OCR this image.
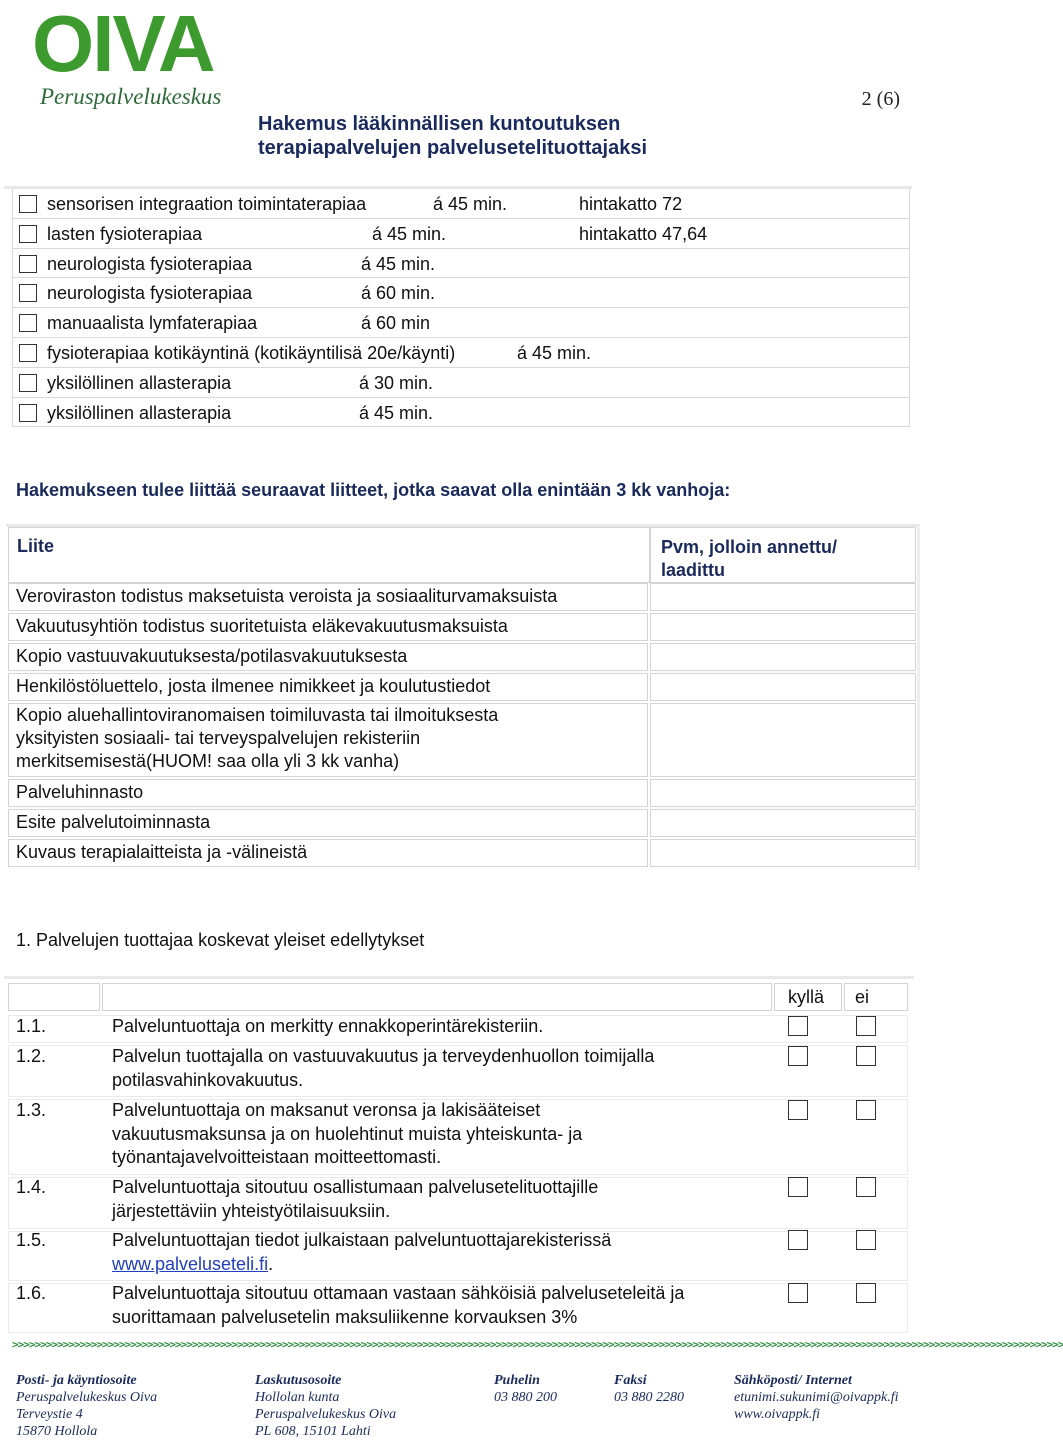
OIVA
Peruspalvelukeskus	2 (6)
Hakemus lääkinnällisen kuntoutuksen
terapiapalvelujen palvelusetelituottajaksi
sensorisen integraation toimintaterapiaa	á 45 min.	hintakatto 72
lasten fysioterapiaa	á 45 min.	hintakatto 47,64
neurologista fysioterapiaa	á 45 min.
neurologista fysioterapiaa	á 60 min.
manuaalista lymfaterapiaa	á 60 min
fysioterapiaa kotikäyntinä (kotikäyntilisä 20e/käynti)	á 45 min.
yksilöllinen allasterapia	á 30 min.
yksilöllinen allasterapia	á 45 min.
Hakemukseen tulee liittää seuraavat liitteet, jotka saavat olla enintään 3 kk vanhoja:
Liite	Pvm, jolloin annettu/
laadittu
Veroviraston todistus maksetuista veroista ja sosiaaliturvamaksuista
Vakuutusyhtiön todistus suoritetuista eläkevakuutusmaksuista
Kopio vastuuvakuutuksesta/potilasvakuutuksesta
Henkilöstöluettelo, josta ilmenee nimikkeet ja koulutustiedot
Kopio aluehallintoviranomaisen toimiluvasta tai ilmoituksesta
yksityisten sosiaali- tai terveyspalvelujen rekisteriin
merkitsemisestä(HUOM! saa olla yli 3 kk vanha)
Palveluhinnasto
Esite palvelutoiminnasta
Kuvaus terapialaitteista ja -välineistä
1. Palvelujen tuottajaa koskevat yleiset edellytykset
kyllä ei
1.1.	Palveluntuottaja on merkitty ennakkoperintärekisteriin.
1.2.	Palvelun tuottajalla on vastuuvakuutus ja terveydenhuollon toimijalla
potilasvahinkovakuutus.
1.3.	Palveluntuottaja on maksanut veronsa ja lakisääteiset
vakuutusmaksunsa ja on huolehtinut muista yhteiskunta- ja
työnantajavelvoitteistaan moitteettomasti.
1.4.	Palveluntuottaja sitoutuu osallistumaan palvelusetelituottajille
järjestettäviin yhteistyötilaisuuksiin.
1.5.	Palveluntuottajan tiedot julkaistaan palveluntuottajarekisterissä
www.palveluseteli.fi.
1.6.	Palveluntuottaja sitoutuu ottamaan vastaan sähköisiä palveluseteleitä ja
suorittamaan palvelusetelin maksuliikenne korvauksen 3%
>>>>>>>>>>>>>>>>>>>>>>>>>>>>>>>>>>>>>>>>>>>>>>>>>>>>>>>>>>>>>>>>>>>>>>>>>>>>>>>>>>>>>>>>>>>>>>>>>>>>>>>>>>>>>>>>>>>>>>>>>>>>>>>>>>>>>>>>>>>>>>>>>>>>>>>>>>>>>>>>>>>>>>>>>>>>>>>>>>>>>>>>>>>
Posti- ja käyntiosoite
Peruspalvelukeskus Oiva
Terveystie 4
15870 Hollola
Laskutusosoite
Hollolan kunta
Peruspalvelukeskus Oiva
PL 608, 15101 Lahti
Puhelin
03 880 200
Faksi
03 880 2280
Sähköposti/ Internet
etunimi.sukunimi@oivappk.fi
www.oivappk.fi
